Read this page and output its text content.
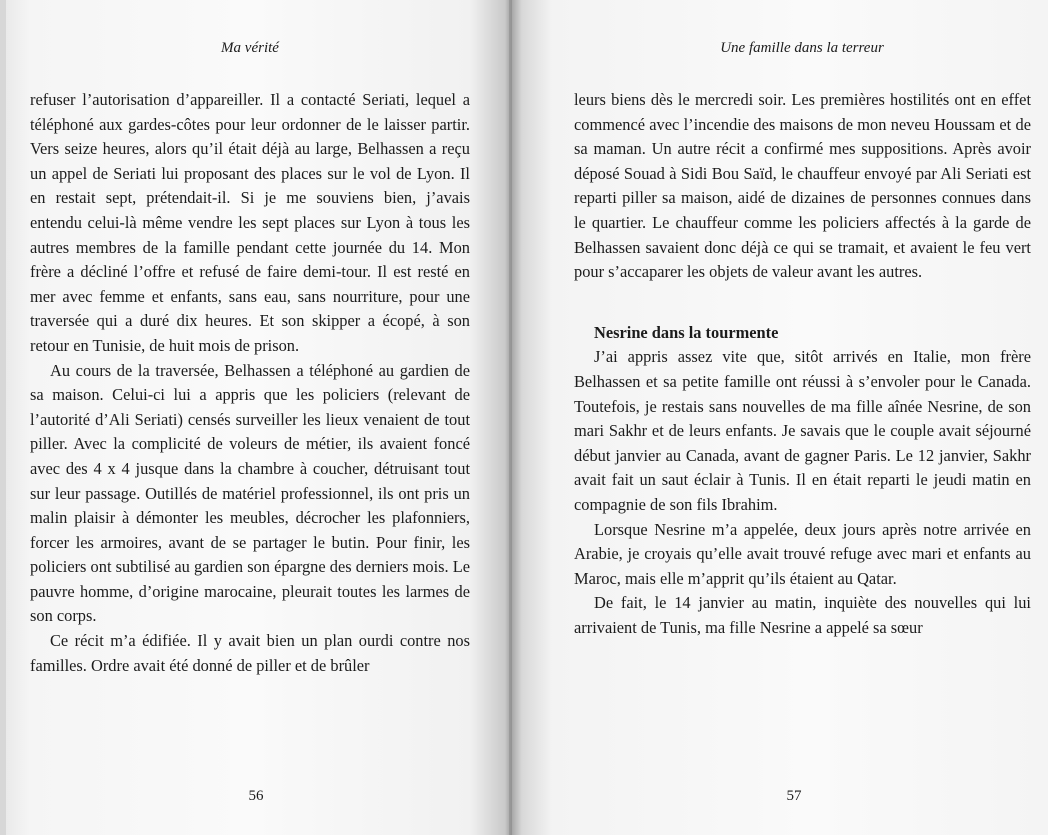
Ma vérité

refuser l’autorisation d’appareiller. Il a contacté Seriati, lequel a téléphoné aux gardes-côtes pour leur ordonner de le laisser partir. Vers seize heures, alors qu’il était déjà au large, Belhassen a reçu un appel de Seriati lui proposant des places sur le vol de Lyon. Il en restait sept, prétendait-il. Si je me souviens bien, j’avais entendu celui-là même vendre les sept places sur Lyon à tous les autres membres de la famille pendant cette journée du 14. Mon frère a décliné l’offre et refusé de faire demi-tour. Il est resté en mer avec femme et enfants, sans eau, sans nourriture, pour une traversée qui a duré dix heures. Et son skipper a écopé, à son retour en Tunisie, de huit mois de prison.

Au cours de la traversée, Belhassen a téléphoné au gardien de sa maison. Celui-ci lui a appris que les policiers (relevant de l’autorité d’Ali Seriati) censés surveiller les lieux venaient de tout piller. Avec la complicité de voleurs de métier, ils avaient foncé avec des 4 x 4 jusque dans la chambre à coucher, détruisant tout sur leur passage. Outillés de matériel professionnel, ils ont pris un malin plaisir à démonter les meubles, décrocher les plafonniers, forcer les armoires, avant de se partager le butin. Pour finir, les policiers ont subtilisé au gardien son épargne des derniers mois. Le pauvre homme, d’origine marocaine, pleurait toutes les larmes de son corps.

Ce récit m’a édifiée. Il y avait bien un plan ourdi contre nos familles. Ordre avait été donné de piller et de brûler

56
Une famille dans la terreur

leurs biens dès le mercredi soir. Les premières hostilités ont en effet commencé avec l’incendie des maisons de mon neveu Houssam et de sa maman. Un autre récit a confirmé mes suppositions. Après avoir déposé Souad à Sidi Bou Saïd, le chauffeur envoyé par Ali Seriati est reparti piller sa maison, aidé de dizaines de personnes connues dans le quartier. Le chauffeur comme les policiers affectés à la garde de Belhassen savaient donc déjà ce qui se tramait, et avaient le feu vert pour s’accaparer les objets de valeur avant les autres.

Nesrine dans la tourmente

J’ai appris assez vite que, sitôt arrivés en Italie, mon frère Belhassen et sa petite famille ont réussi à s’envoler pour le Canada. Toutefois, je restais sans nouvelles de ma fille aînée Nesrine, de son mari Sakhr et de leurs enfants. Je savais que le couple avait séjourné début janvier au Canada, avant de gagner Paris. Le 12 janvier, Sakhr avait fait un saut éclair à Tunis. Il en était reparti le jeudi matin en compagnie de son fils Ibrahim.

Lorsque Nesrine m’a appelée, deux jours après notre arrivée en Arabie, je croyais qu’elle avait trouvé refuge avec mari et enfants au Maroc, mais elle m’apprit qu’ils étaient au Qatar.

De fait, le 14 janvier au matin, inquiète des nouvelles qui lui arrivaient de Tunis, ma fille Nesrine a appelé sa sœur

57
